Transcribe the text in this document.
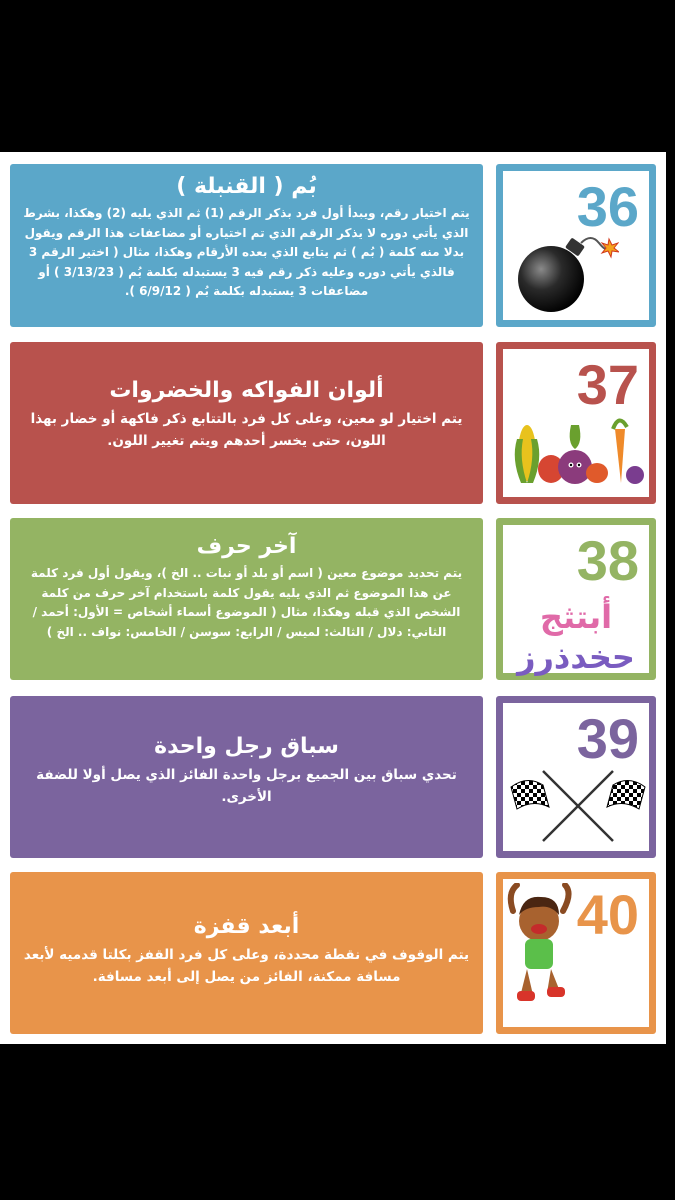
بُم ( القنبلة )

يتم اختيار رقم، ويبدأ أول فرد بذكر الرقم (1) ثم الذي يليه (2) وهكذا، بشرط الذي يأتي دوره لا يذكر الرقم الذي تم اختياره أو مضاعفات هذا الرقم ويقول بدلا منه كلمة ( بُم ) ثم يتابع الذي بعده الأرقام وهكذا، مثال ( اختير الرقم 3 فالذي يأتي دوره وعليه ذكر رقم فيه 3 يستبدله بكلمة بُم ( 3/13/23 ) أو مضاعفات 3 يستبدله بكلمة بُم ( 6/9/12 ).

36

ألوان الفواكه والخضروات

يتم اختيار لو معين، وعلى كل فرد بالتتابع ذكر فاكهة أو خضار بهذا اللون، حتى يخسر أحدهم ويتم تغيير اللون.

37

آخر حرف

يتم تحديد موضوع معين ( اسم أو بلد أو نبات .. الخ )، ويقول أول فرد كلمة عن هذا الموضوع ثم الذي يليه يقول كلمة باستخدام آخر حرف من كلمة الشخص الذي قبله وهكذا، مثال ( الموضوع أسماء أشخاص = الأول: أحمد / الثاني: دلال / الثالث: لميس / الرابع: سوسن / الخامس: نواف .. الخ )

38
أبتثج
حخدذرز

سباق رجل واحدة

تحدي سباق بين الجميع برجل واحدة الفائز الذي يصل أولا للضفة الأخرى.

39

أبعد قفزة

يتم الوقوف في نقطة محددة، وعلى كل فرد القفز بكلتا قدميه لأبعد مسافة ممكنة، الفائز من يصل إلى أبعد مسافة.

40
